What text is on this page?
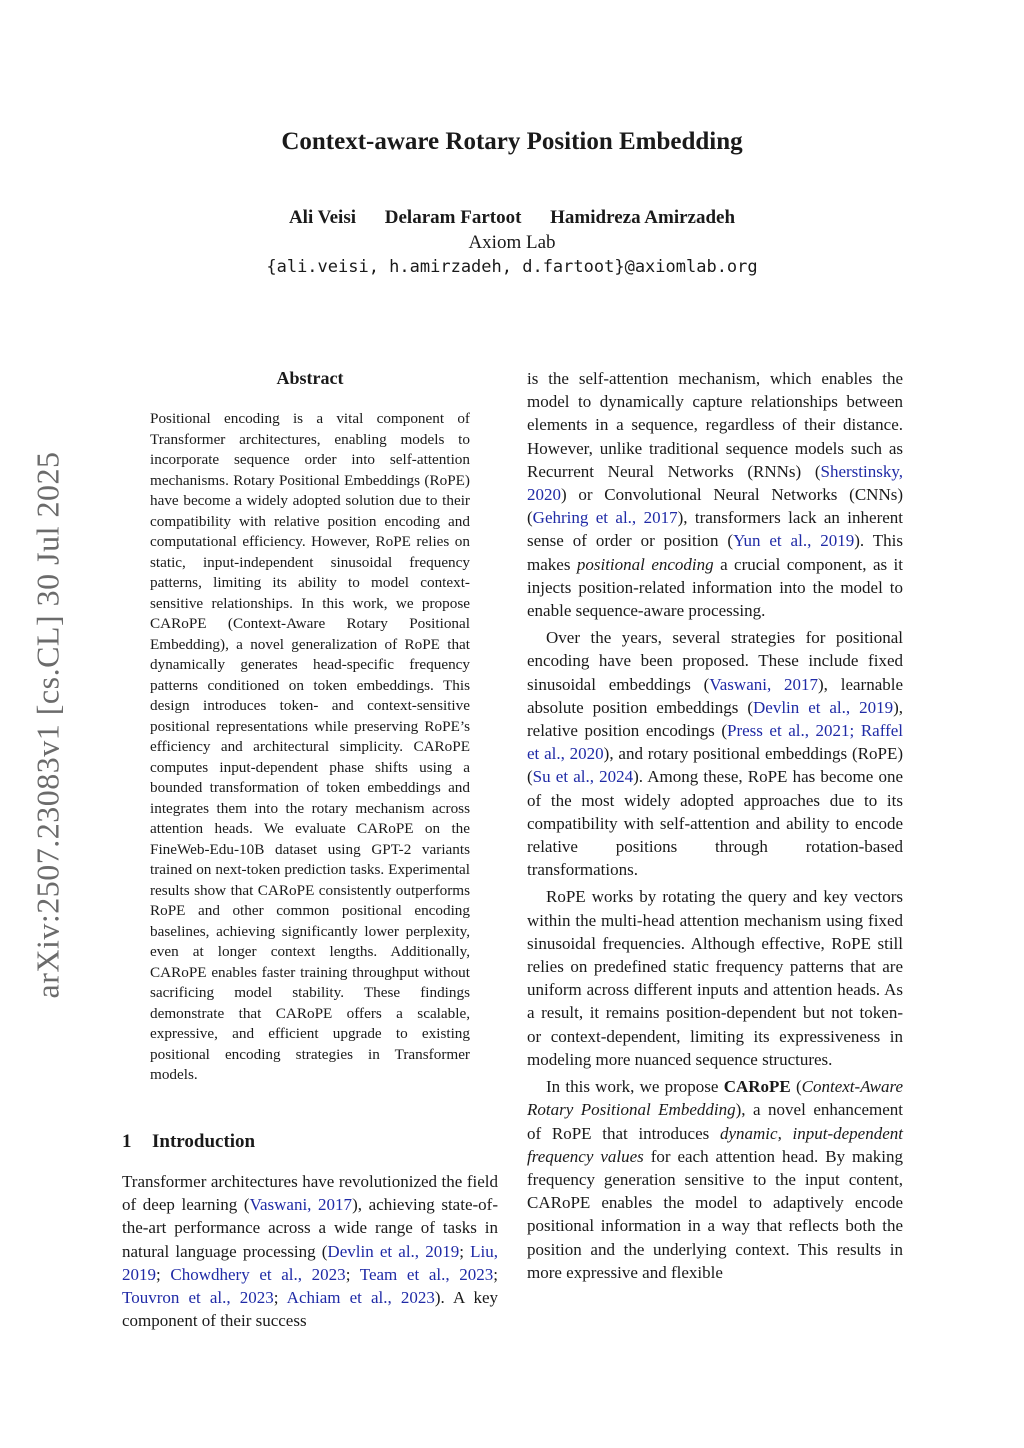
arXiv:2507.23083v1 [cs.CL] 30 Jul 2025
Context-aware Rotary Position Embedding
Ali Veisi Delaram Fartoot Hamidreza Amirzadeh
Axiom Lab
{ali.veisi, h.amirzadeh, d.fartoot}@axiomlab.org
Abstract
Positional encoding is a vital component of Transformer architectures, enabling models to incorporate sequence order into self-attention mechanisms. Rotary Positional Embeddings (RoPE) have become a widely adopted solution due to their compatibility with relative position encoding and computational efficiency. However, RoPE relies on static, input-independent sinusoidal frequency patterns, limiting its ability to model context-sensitive relationships. In this work, we propose CARoPE (Context-Aware Rotary Positional Embedding), a novel generalization of RoPE that dynamically generates head-specific frequency patterns conditioned on token embeddings. This design introduces token- and context-sensitive positional representations while preserving RoPE’s efficiency and architectural simplicity. CARoPE computes input-dependent phase shifts using a bounded transformation of token embeddings and integrates them into the rotary mechanism across attention heads. We evaluate CARoPE on the FineWeb-Edu-10B dataset using GPT-2 variants trained on next-token prediction tasks. Experimental results show that CARoPE consistently outperforms RoPE and other common positional encoding baselines, achieving significantly lower perplexity, even at longer context lengths. Additionally, CARoPE enables faster training throughput without sacrificing model stability. These findings demonstrate that CARoPE offers a scalable, expressive, and efficient upgrade to existing positional encoding strategies in Transformer models.
1 Introduction

Transformer architectures have revolutionized the field of deep learning (Vaswani, 2017), achieving state-of-the-art performance across a wide range of tasks in natural language processing (Devlin et al., 2019; Liu, 2019; Chowdhery et al., 2023; Team et al., 2023; Touvron et al., 2023; Achiam et al., 2023). A key component of their success

is the self-attention mechanism, which enables the model to dynamically capture relationships between elements in a sequence, regardless of their distance. However, unlike traditional sequence models such as Recurrent Neural Networks (RNNs) (Sherstinsky, 2020) or Convolutional Neural Networks (CNNs) (Gehring et al., 2017), transformers lack an inherent sense of order or position (Yun et al., 2019). This makes positional encoding a crucial component, as it injects position-related information into the model to enable sequence-aware processing.

Over the years, several strategies for positional encoding have been proposed. These include fixed sinusoidal embeddings (Vaswani, 2017), learnable absolute position embeddings (Devlin et al., 2019), relative position encodings (Press et al., 2021; Raffel et al., 2020), and rotary positional embeddings (RoPE) (Su et al., 2024). Among these, RoPE has become one of the most widely adopted approaches due to its compatibility with self-attention and ability to encode relative positions through rotation-based transformations.

RoPE works by rotating the query and key vectors within the multi-head attention mechanism using fixed sinusoidal frequencies. Although effective, RoPE still relies on predefined static frequency patterns that are uniform across different inputs and attention heads. As a result, it remains position-dependent but not token- or context-dependent, limiting its expressiveness in modeling more nuanced sequence structures.

In this work, we propose CARoPE (Context-Aware Rotary Positional Embedding), a novel enhancement of RoPE that introduces dynamic, input-dependent frequency values for each attention head. By making frequency generation sensitive to the input content, CARoPE enables the model to adaptively encode positional information in a way that reflects both the position and the underlying context. This results in more expressive and flexible
